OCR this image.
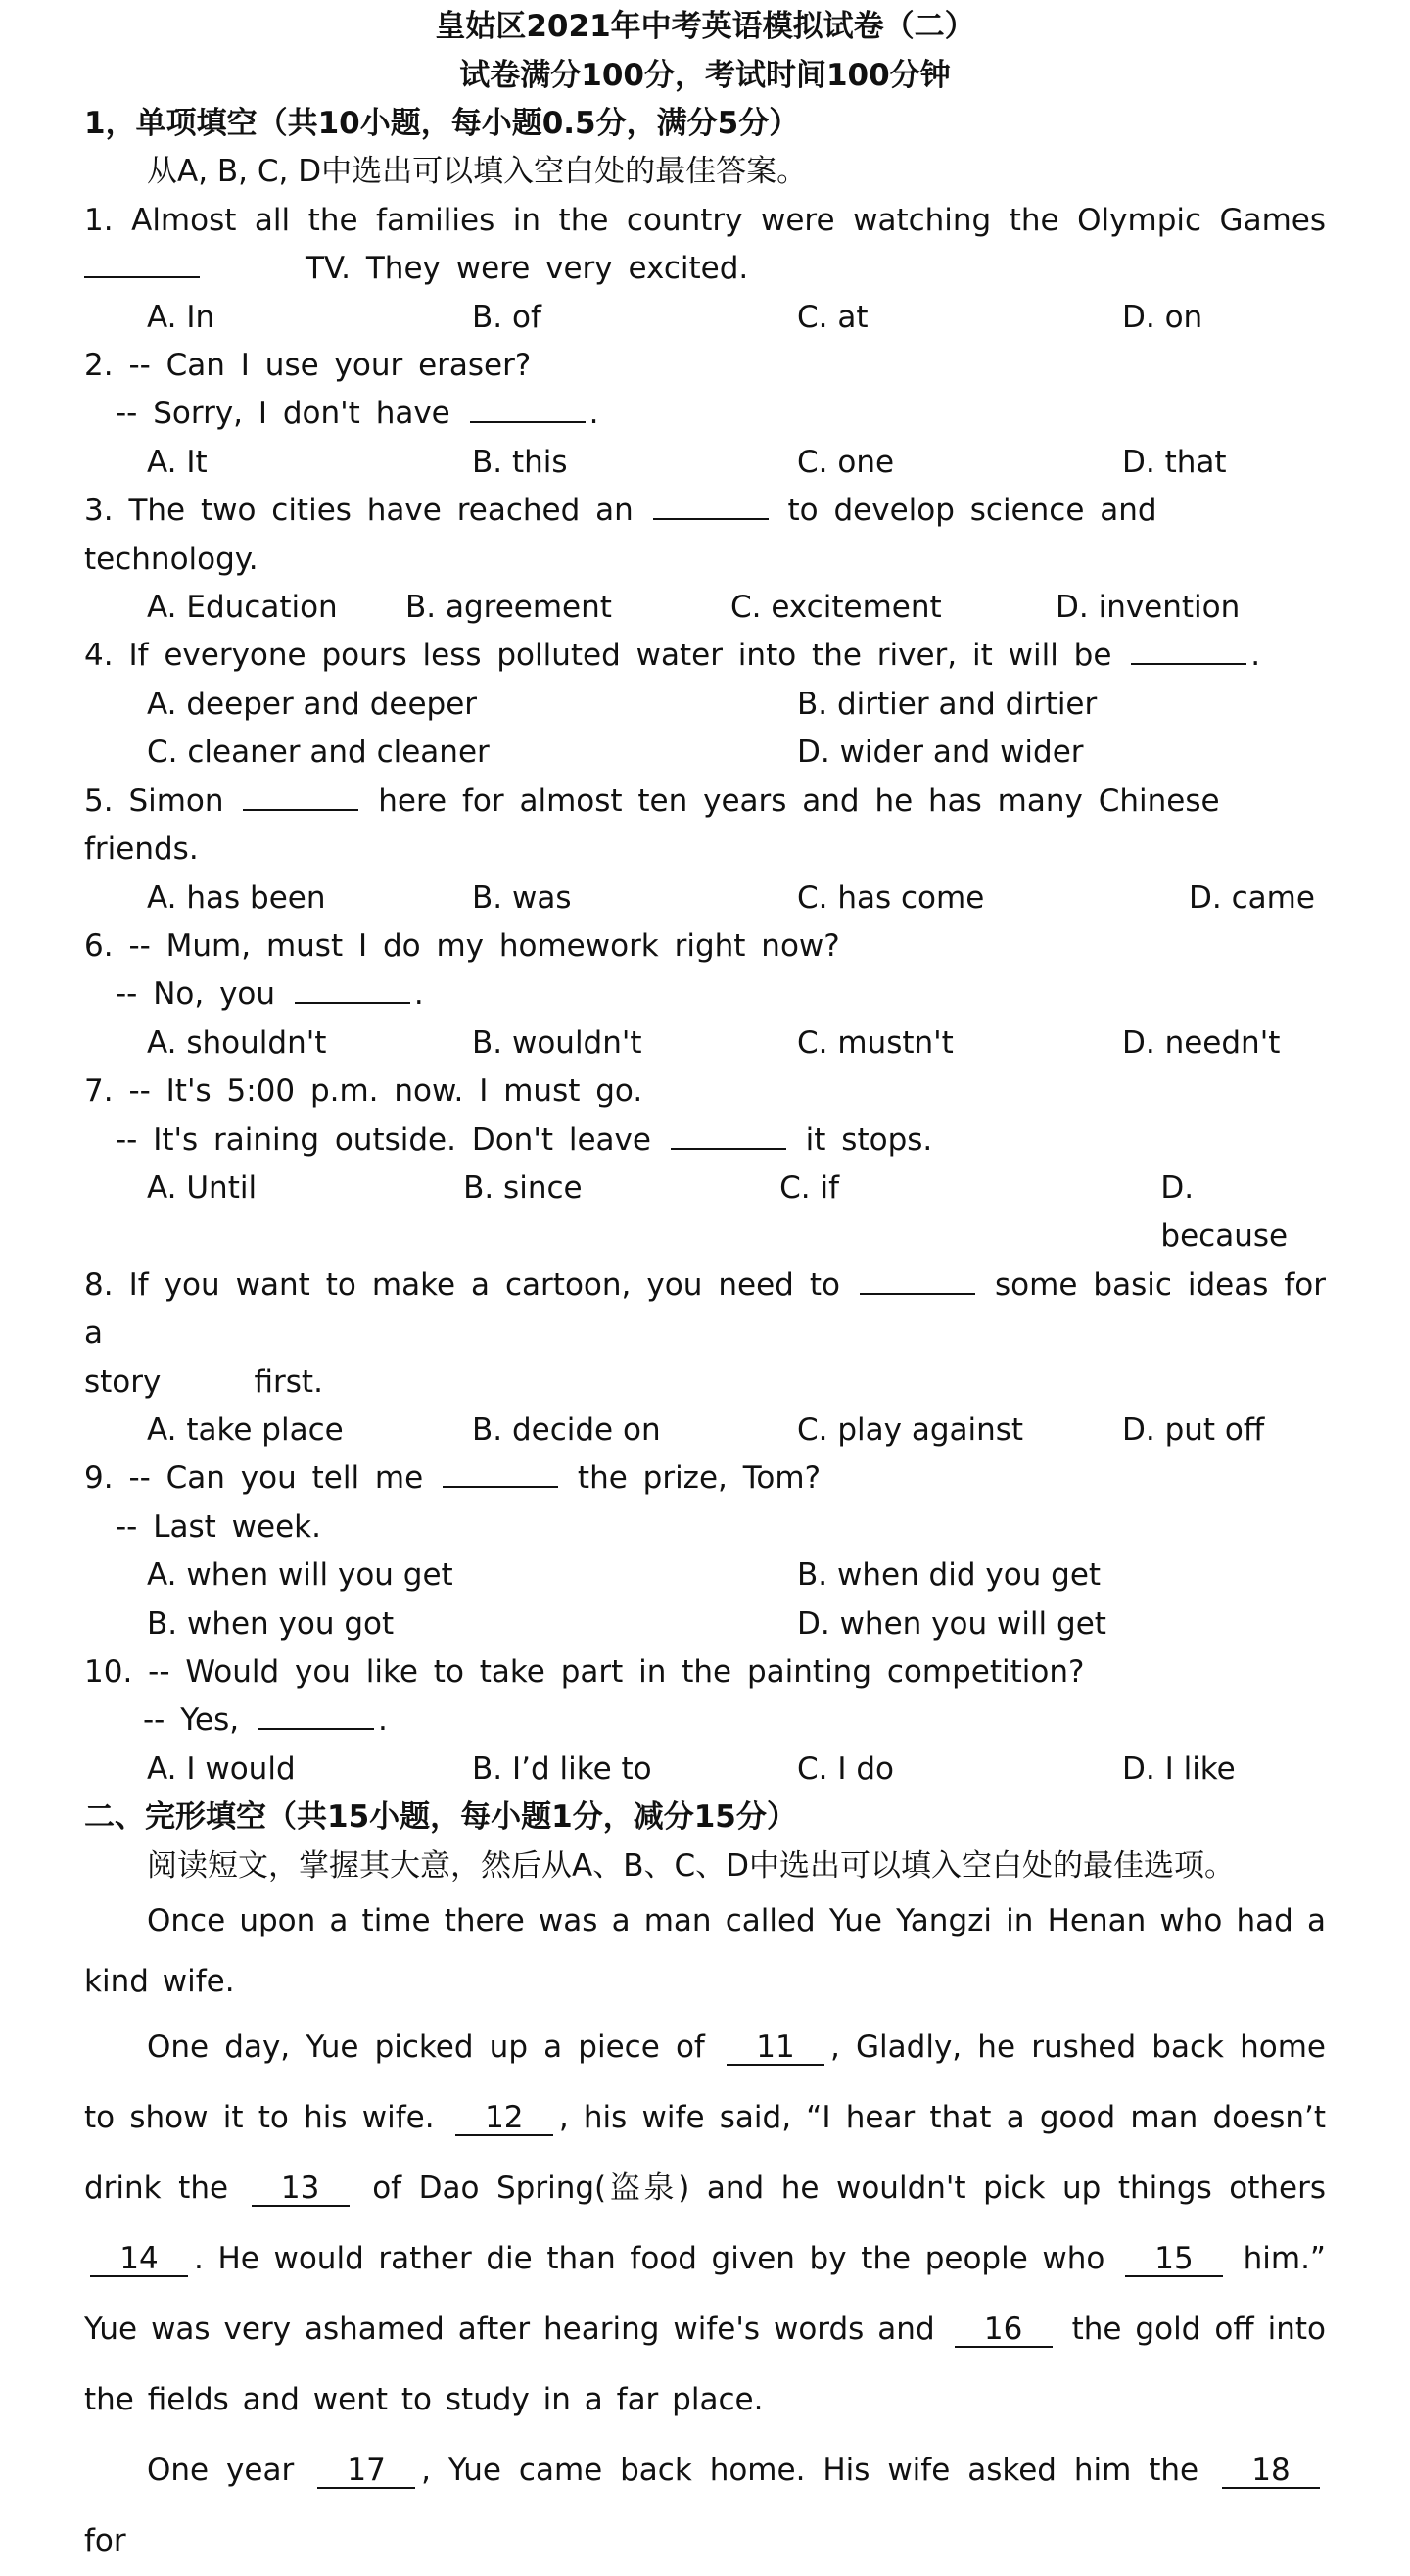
皇姑区2021年中考英语模拟试卷（二）
试卷满分100分，考试时间100分钟
1，单项填空（共10小题，每小题0.5分，满分5分）
从A, B, C, D中选出可以填入空白处的最佳答案。
1. Almost all the families in the country were watching the Olympic Games
TV. They were very excited.
A. In	B. of	C. at	D. on
2. -- Can I use your eraser?
-- Sorry, I don't have	.
A. It	B. this	C. one	D. that
3. The two cities have reached an	to develop science and technology.
A. Education	B. agreement	C. excitement	D. invention
4. If everyone pours less polluted water into the river, it will be	.
A. deeper and deeper	B. dirtier and dirtier
C. cleaner and cleaner	D. wider and wider
5. Simon	here for almost ten years and he has many Chinese friends.
A. has been	B. was	C. has come	D. came
6. -- Mum, must I do my homework right now?
-- No, you	.
A. shouldn't	B. wouldn't	C. mustn't	D. needn't
7. -- It's 5:00 p.m. now. I must go.
-- It's raining outside. Don't leave	it stops.
A. Until	B. since	C. if	D. because
8. If you want to make a cartoon, you need to	some basic ideas for a
story      first.
A. take place	B. decide on	C. play against	D. put off
9. -- Can you tell me	the prize, Tom?
-- Last week.
A. when will you get	B. when did you get
B. when you got	D. when you will get
10. -- Would you like to take part in the painting competition?
-- Yes,	.
A. I would	B. I’d like to	C. I do	D. I like
二、完形填空（共15小题，每小题1分，减分15分）
阅读短文，掌握其大意，然后从A、B、C、D中选出可以填入空白处的最佳选项。

Once upon a time there was a man called Yue Yangzi in Henan who had a kind wife.

One day, Yue picked up a piece of 11 , Gladly, he rushed back home to show it to his wife. 12 , his wife said, “I hear that a good man doesn’t drink the 13 of Dao Spring(盗泉) and he wouldn't pick up things others 14 . He would rather die than food given by the people who 15 him.” Yue was very ashamed after hearing wife's words and 16 the gold off into the fields and went to study in a far place.

One year 17 , Yue came back home. His wife asked him the 18 for
